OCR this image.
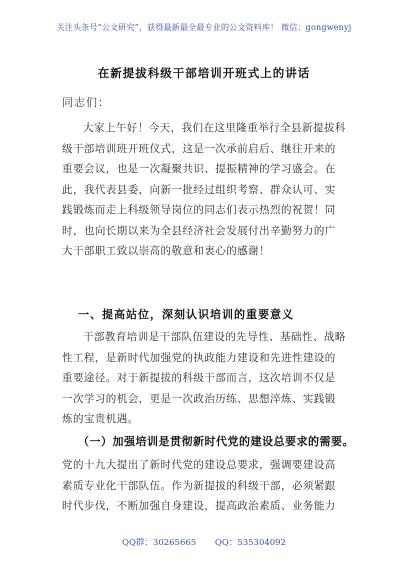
关注头条号“公文研究”，获得最新最全最专业的公文资料库！ 微信：gongwenyj
在新提拔科级干部培训开班式上的讲话
同志们：
大家上午好！今天，我们在这里隆重举行全县新提拔科
级干部培训班开班仪式，这是一次承前启后、继往开来的
重要会议，也是一次凝聚共识、提振精神的学习盛会。在
此，我代表县委，向新一批经过组织考察、群众认可、实
践锻炼而走上科级领导岗位的同志们表示热烈的祝贺！同
时，也向长期以来为全县经济社会发展付出辛勤努力的广
大干部职工致以崇高的敬意和衷心的感谢！
一、提高站位，深刻认识培训的重要意义
干部教育培训是干部队伍建设的先导性、基础性、战略
性工程，是新时代加强党的执政能力建设和先进性建设的
重要途径。对于新提拔的科级干部而言，这次培训不仅是
一次学习的机会，更是一次政治历练、思想淬炼、实践锻
炼的宝贵机遇。
（一）加强培训是贯彻新时代党的建设总要求的需要。
党的十九大提出了新时代党的建设总要求，强调要建设高
素质专业化干部队伍。作为新提拔的科级干部，必须紧跟
时代步伐，不断加强自身建设，提高政治素质、业务能力
QQ群：30265665 QQ：535304092
